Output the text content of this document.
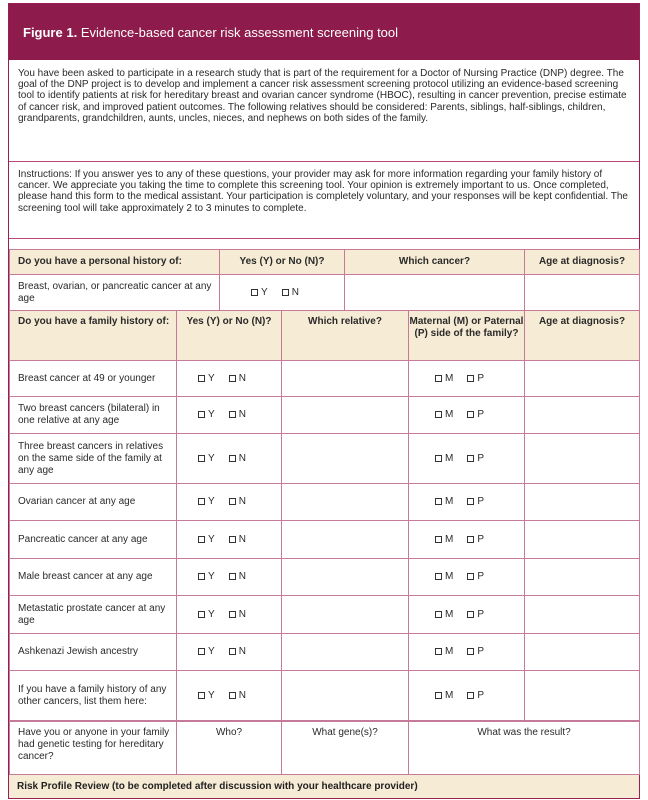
Figure 1. Evidence-based cancer risk assessment screening tool
You have been asked to participate in a research study that is part of the requirement for a Doctor of Nursing Practice (DNP) degree. The goal of the DNP project is to develop and implement a cancer risk assessment screening protocol utilizing an evidence-based screening tool to identify patients at risk for hereditary breast and ovarian cancer syndrome (HBOC), resulting in cancer prevention, precise estimate of cancer risk, and improved patient outcomes. The following relatives should be considered: Parents, siblings, half-siblings, children, grandparents, grandchildren, aunts, uncles, nieces, and nephews on both sides of the family.
Instructions: If you answer yes to any of these questions, your provider may ask for more information regarding your family history of cancer. We appreciate you taking the time to complete this screening tool. Your opinion is extremely important to us. Once completed, please hand this form to the medical assistant. Your participation is completely voluntary, and your responses will be kept confidential. The screening tool will take approximately 2 to 3 minutes to complete.
Do you have a personal history of:	Yes (Y) or No (N)?	Which cancer?	Age at diagnosis?
Breast, ovarian, or pancreatic cancer at any age	Y N		
Do you have a family history of:	Yes (Y) or No (N)?	Which relative?	Maternal (M) or Paternal (P) side of the family?	Age at diagnosis?
Breast cancer at 49 or younger	Y N		M P	
Two breast cancers (bilateral) in one relative at any age	Y N		M P	
Three breast cancers in relatives on the same side of the family at any age	Y N		M P	
Ovarian cancer at any age	Y N		M P	
Pancreatic cancer at any age	Y N		M P	
Male breast cancer at any age	Y N		M P	
Metastatic prostate cancer at any age	Y N		M P	
Ashkenazi Jewish ancestry	Y N		M P	
If you have a family history of any other cancers, list them here:	Y N		M P	
Have you or anyone in your family had genetic testing for hereditary cancer?	Who?	What gene(s)?	What was the result?
Risk Profile Review (to be completed after discussion with your healthcare provider)
